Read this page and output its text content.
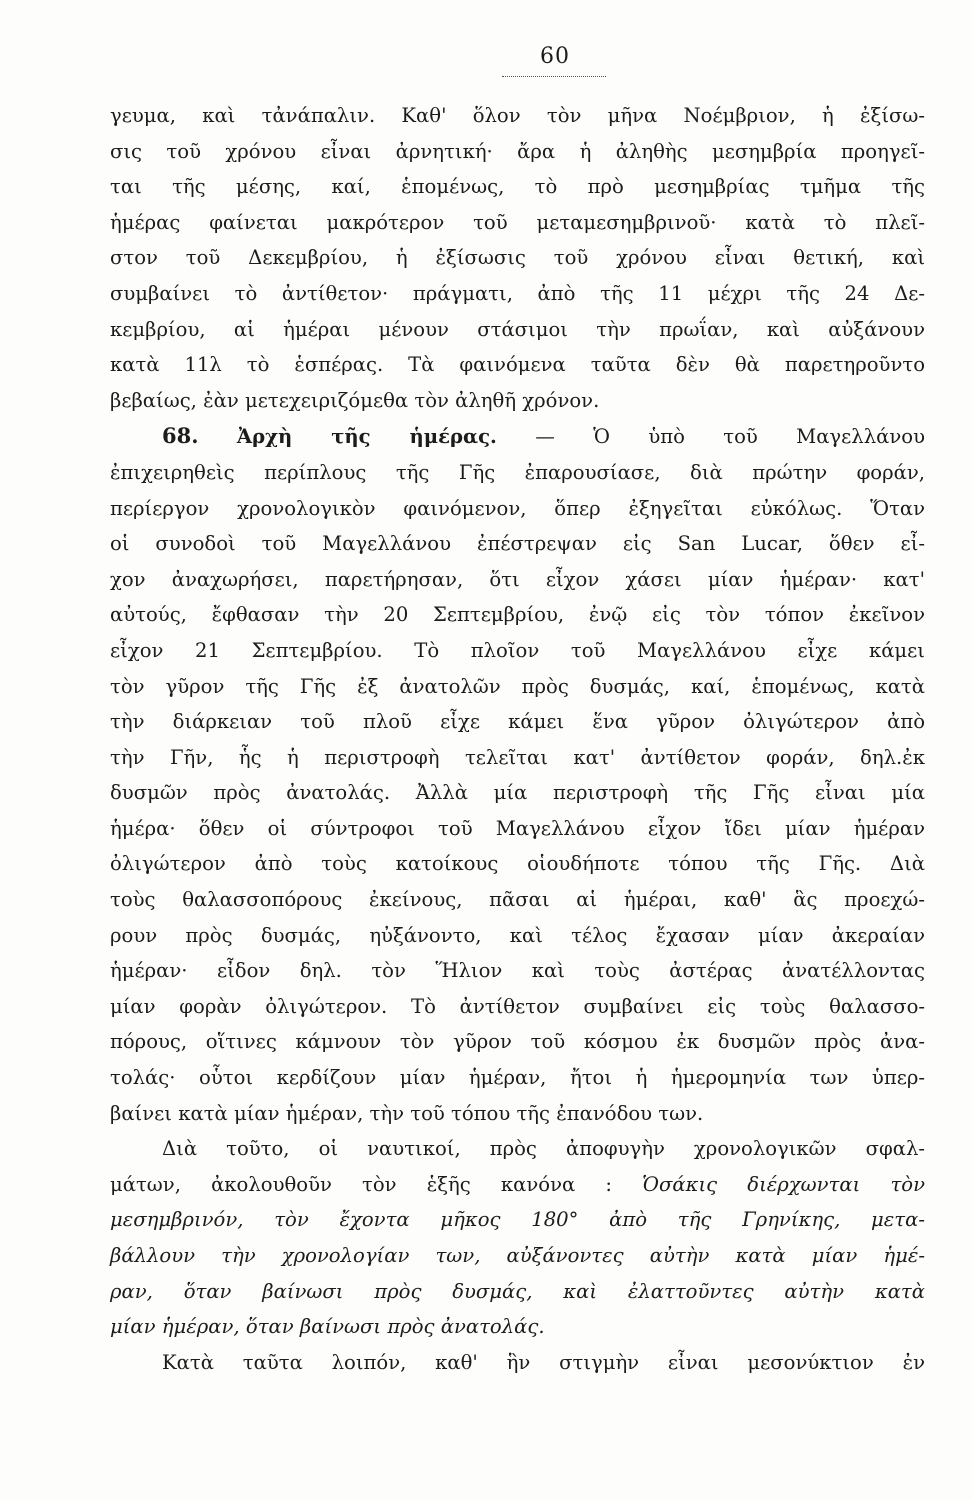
60
γευμα, καὶ τἀνάπαλιν. Καθ' ὅλον τὸν μῆνα Νοέμβριον, ἡ ἐξίσω-
σις τοῦ χρόνου εἶναι ἀρνητική· ἄρα ἡ ἀληθὴς μεσημβρία προηγεῖ-
ται τῆς μέσης, καί, ἑπομένως, τὸ πρὸ μεσημβρίας τμῆμα τῆς
ἡμέρας φαίνεται μακρότερον τοῦ μεταμεσημβρινοῦ· κατὰ τὸ πλεῖ-
στον τοῦ Δεκεμβρίου, ἡ ἐξίσωσις τοῦ χρόνου εἶναι θετική, καὶ
συμβαίνει τὸ ἀντίθετον· πράγματι, ἀπὸ τῆς 11 μέχρι τῆς 24 Δε-
κεμβρίου, αἱ ἡμέραι μένουν στάσιμοι τὴν πρωΐαν, καὶ αὐξάνουν
κατὰ 11λ τὸ ἑσπέρας. Τὰ φαινόμενα ταῦτα δὲν θὰ παρετηροῦντο
βεβαίως, ἐὰν μετεχειριζόμεθα τὸν ἀληθῆ χρόνον.
68. Ἀρχὴ τῆς ἡμέρας. — Ὁ ὑπὸ τοῦ Μαγελλάνου
ἐπιχειρηθεὶς περίπλους τῆς Γῆς ἐπαρουσίασε, διὰ πρώτην φοράν,
περίεργον χρονολογικὸν φαινόμενον, ὅπερ ἐξηγεῖται εὐκόλως. Ὅταν
οἱ συνοδοὶ τοῦ Μαγελλάνου ἐπέστρεψαν εἰς San Lucar, ὅθεν εἶ-
χον ἀναχωρήσει, παρετήρησαν, ὅτι εἶχον χάσει μίαν ἡμέραν· κατ'
αὐτούς, ἔφθασαν τὴν 20 Σεπτεμβρίου, ἐνῷ εἰς τὸν τόπον ἐκεῖνον
εἶχον 21 Σεπτεμβρίου. Τὸ πλοῖον τοῦ Μαγελλάνου εἶχε κάμει
τὸν γῦρον τῆς Γῆς ἐξ ἀνατολῶν πρὸς δυσμάς, καί, ἑπομένως, κατὰ
τὴν διάρκειαν τοῦ πλοῦ εἶχε κάμει ἕνα γῦρον ὀλιγώτερον ἀπὸ
τὴν Γῆν, ἧς ἡ περιστροφὴ τελεῖται κατ' ἀντίθετον φοράν, δηλ.ἐκ
δυσμῶν πρὸς ἀνατολάς. Ἀλλὰ μία περιστροφὴ τῆς Γῆς εἶναι μία
ἡμέρα· ὅθεν οἱ σύντροφοι τοῦ Μαγελλάνου εἶχον ἴδει μίαν ἡμέραν
ὀλιγώτερον ἀπὸ τοὺς κατοίκους οἱουδήποτε τόπου τῆς Γῆς. Διὰ
τοὺς θαλασσοπόρους ἐκείνους, πᾶσαι αἱ ἡμέραι, καθ' ἃς προεχώ-
ρουν πρὸς δυσμάς, ηὐξάνοντο, καὶ τέλος ἔχασαν μίαν ἀκεραίαν
ἡμέραν· εἶδον δηλ. τὸν Ἥλιον καὶ τοὺς ἀστέρας ἀνατέλλοντας
μίαν φορὰν ὀλιγώτερον. Τὸ ἀντίθετον συμβαίνει εἰς τοὺς θαλασσο-
πόρους, οἵτινες κάμνουν τὸν γῦρον τοῦ κόσμου ἐκ δυσμῶν πρὸς ἀνα-
τολάς· οὗτοι κερδίζουν μίαν ἡμέραν, ἤτοι ἡ ἡμερομηνία των ὑπερ-
βαίνει κατὰ μίαν ἡμέραν, τὴν τοῦ τόπου τῆς ἐπανόδου των.
Διὰ τοῦτο, οἱ ναυτικοί, πρὸς ἀποφυγὴν χρονολογικῶν σφαλ-
μάτων, ἀκολουθοῦν τὸν ἑξῆς κανόνα : Ὁσάκις διέρχωνται τὸν
μεσημβρινόν, τὸν ἔχοντα μῆκος 180° ἀπὸ τῆς Γρηνίκης, μετα-
βάλλουν τὴν χρονολογίαν των, αὐξάνοντες αὐτὴν κατὰ μίαν ἡμέ-
ραν, ὅταν βαίνωσι πρὸς δυσμάς, καὶ ἐλαττοῦντες αὐτὴν κατὰ
μίαν ἡμέραν, ὅταν βαίνωσι πρὸς ἀνατολάς.
Κατὰ ταῦτα λοιπόν, καθ' ἣν στιγμὴν εἶναι μεσονύκτιον ἐν
